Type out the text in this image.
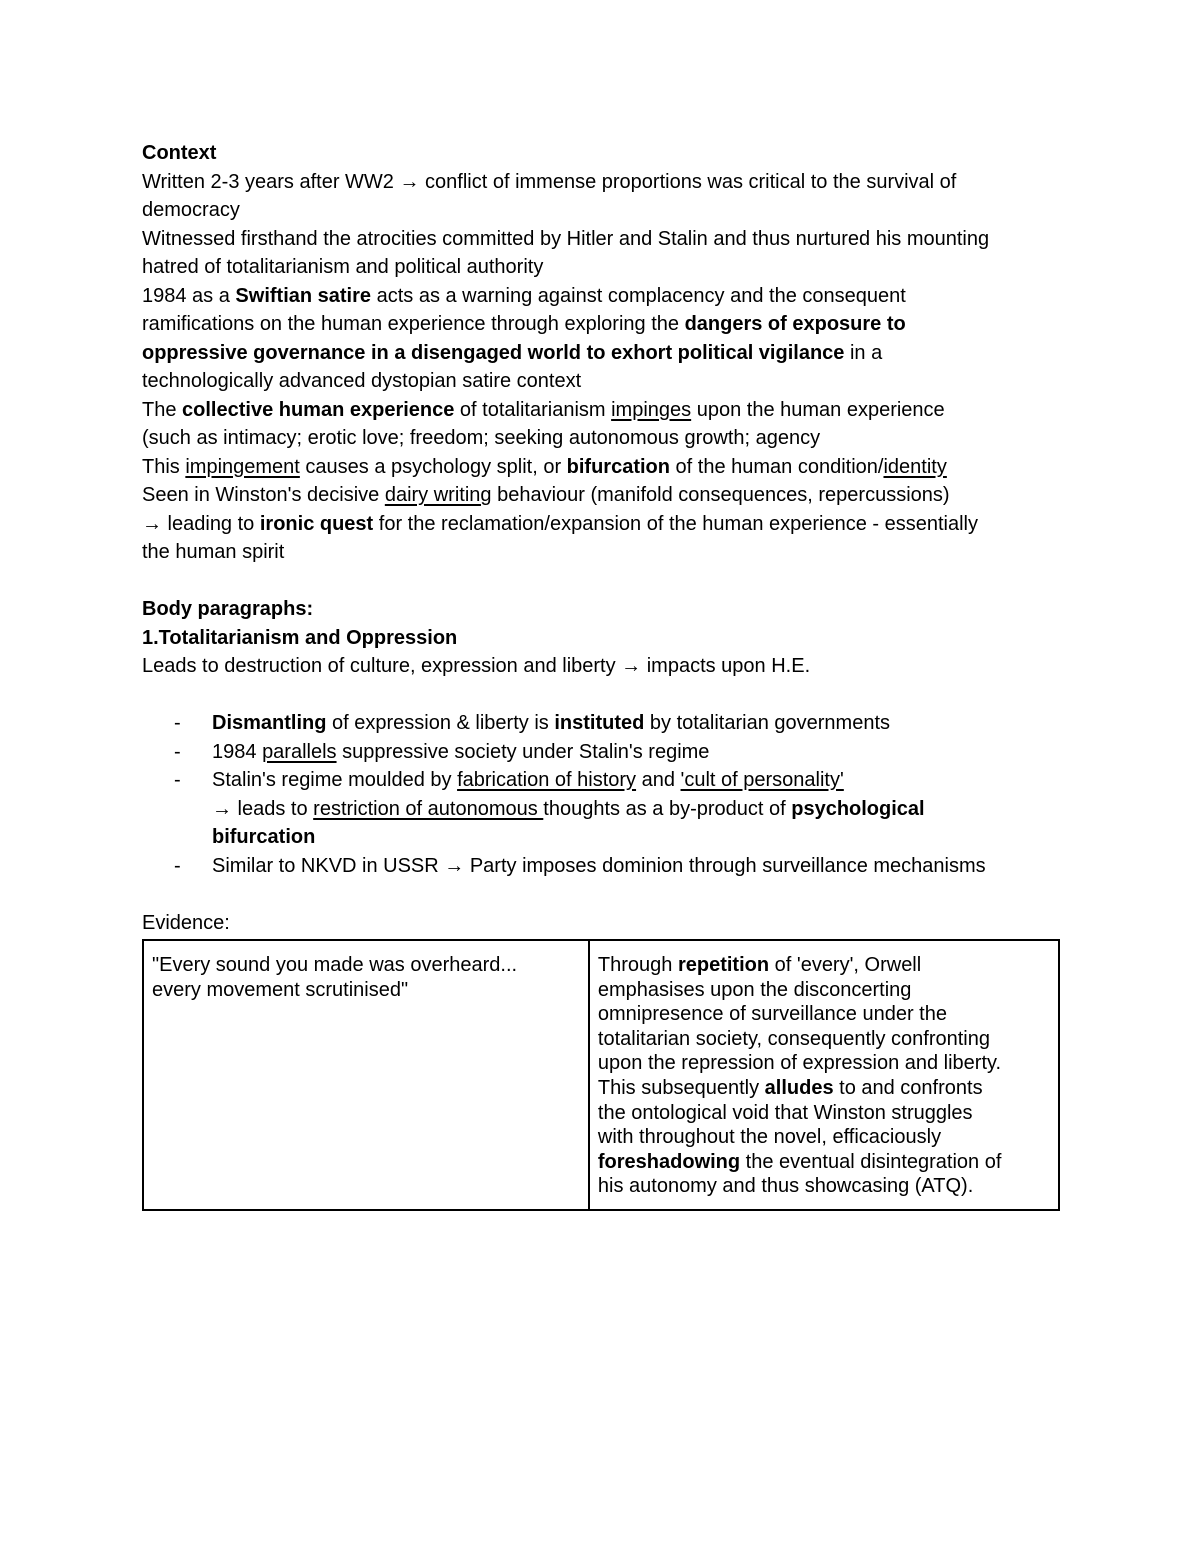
Context

Written 2-3 years after WW2 → conflict of immense proportions was critical to the survival of

democracy

Witnessed firsthand the atrocities committed by Hitler and Stalin and thus nurtured his mounting

hatred of totalitarianism and political authority

1984 as a Swiftian satire acts as a warning against complacency and the consequent

ramifications on the human experience through exploring the dangers of exposure to

oppressive governance in a disengaged world to exhort political vigilance in a

technologically advanced dystopian satire context

The collective human experience of totalitarianism impinges upon the human experience

(such as intimacy; erotic love; freedom; seeking autonomous growth; agency

This impingement causes a psychology split, or bifurcation of the human condition/identity

Seen in Winston's decisive dairy writing behaviour (manifold consequences, repercussions)

→ leading to ironic quest for the reclamation/expansion of the human experience - essentially

the human spirit

Body paragraphs:

1.Totalitarianism and Oppression

Leads to destruction of culture, expression and liberty → impacts upon H.E.

- Dismantling of expression & liberty is instituted by totalitarian governments
- 1984 parallels suppressive society under Stalin's regime
- Stalin's regime moulded by fabrication of history and 'cult of personality'
→ leads to restriction of autonomous thoughts as a by-product of psychological
bifurcation
- Similar to NKVD in USSR → Party imposes dominion through surveillance mechanisms

Evidence:

"Every sound you made was overheard...
every movement scrutinised"

Through repetition of 'every', Orwell
emphasises upon the disconcerting
omnipresence of surveillance under the
totalitarian society, consequently confronting
upon the repression of expression and liberty.
This subsequently alludes to and confronts
the ontological void that Winston struggles
with throughout the novel, efficaciously
foreshadowing the eventual disintegration of
his autonomy and thus showcasing (ATQ).
